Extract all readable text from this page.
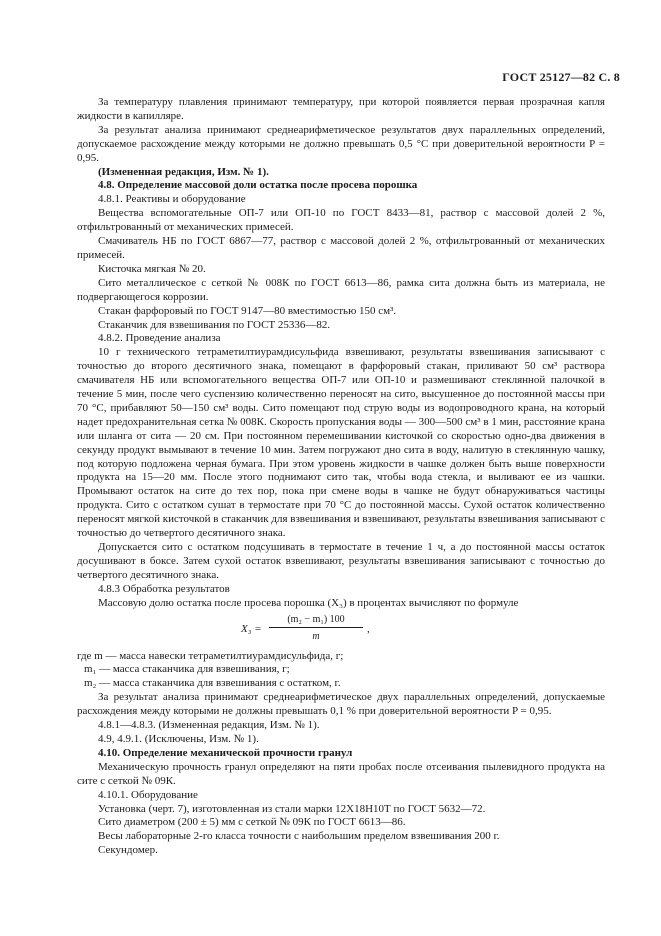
ГОСТ 25127—82 С. 8

За температуру плавления принимают температуру, при которой появляется первая прозрачная капля жидкости в капилляре.

За результат анализа принимают среднеарифметическое результатов двух параллельных определений, допускаемое расхождение между которыми не должно превышать 0,5 °С при доверительной вероятности P = 0,95.

(Измененная редакция, Изм. № 1).

4.8. Определение массовой доли остатка после просева порошка

4.8.1. Реактивы и оборудование

Вещества вспомогательные ОП-7 или ОП-10 по ГОСТ 8433—81, раствор с массовой долей 2 %, отфильтрованный от механических примесей.

Смачиватель НБ по ГОСТ 6867—77, раствор с массовой долей 2 %, отфильтрованный от механических примесей.

Кисточка мягкая № 20.

Сито металлическое с сеткой № 008К по ГОСТ 6613—86, рамка сита должна быть из материала, не подвергающегося коррозии.

Стакан фарфоровый по ГОСТ 9147—80 вместимостью 150 см³.

Стаканчик для взвешивания по ГОСТ 25336—82.

4.8.2. Проведение анализа

10 г технического тетраметилтиурамдисульфида взвешивают, результаты взвешивания записывают с точностью до второго десятичного знака, помещают в фарфоровый стакан, приливают 50 см³ раствора смачивателя НБ или вспомогательного вещества ОП-7 или ОП-10 и размешивают стеклянной палочкой в течение 5 мин, после чего суспензию количественно переносят на сито, высушенное до постоянной массы при 70 °С, прибавляют 50—150 см³ воды. Сито помещают под струю воды из водопроводного крана, на который надет предохранительная сетка № 008К. Скорость пропускания воды — 300—500 см³ в 1 мин, расстояние крана или шланга от сита — 20 см. При постоянном перемешивании кисточкой со скоростью одно-два движения в секунду продукт вымывают в течение 10 мин. Затем погружают дно сита в воду, налитую в стеклянную чашку, под которую подложена черная бумага. При этом уровень жидкости в чашке должен быть выше поверхности продукта на 15—20 мм. После этого поднимают сито так, чтобы вода стекла, и выливают ее из чашки. Промывают остаток на сите до тех пор, пока при смене воды в чашке не будут обнаруживаться частицы продукта. Сито с остатком сушат в термостате при 70 °С до постоянной массы. Сухой остаток количественно переносят мягкой кисточкой в стаканчик для взвешивания и взвешивают, результаты взвешивания записывают с точностью до четвертого десятичного знака.

Допускается сито с остатком подсушивать в термостате в течение 1 ч, а до постоянной массы остаток досушивают в боксе. Затем сухой остаток взвешивают, результаты взвешивания записывают с точностью до четвертого десятичного знака.

4.8.3 Обработка результатов

Массовую долю остатка после просева порошка (X₃) в процентах вычисляют по формуле

$X_3 = \frac{\text{(m₂ − m₁) 100}}{m}$ ,

где m — масса навески тетраметилтиурамдисульфида, г;

m₁ — масса стаканчика для взвешивания, г;

m₂ — масса стаканчика для взвешивания с остатком, г.

За результат анализа принимают среднеарифметическое двух параллельных определений, допускаемые расхождения между которыми не должны превышать 0,1 % при доверительной вероятности P = 0,95.

4.8.1—4.8.3. (Измененная редакция, Изм. № 1).

4.9, 4.9.1. (Исключены, Изм. № 1).

4.10. Определение механической прочности гранул

Механическую прочность гранул определяют на пяти пробах после отсеивания пылевидного продукта на сите с сеткой № 09К.

4.10.1. Оборудование

Установка (черт. 7), изготовленная из стали марки 12Х18Н10Т по ГОСТ 5632—72.

Сито диаметром (200 ± 5) мм с сеткой № 09К по ГОСТ 6613—86.

Весы лабораторные 2-го класса точности с наибольшим пределом взвешивания 200 г.

Секундомер.
